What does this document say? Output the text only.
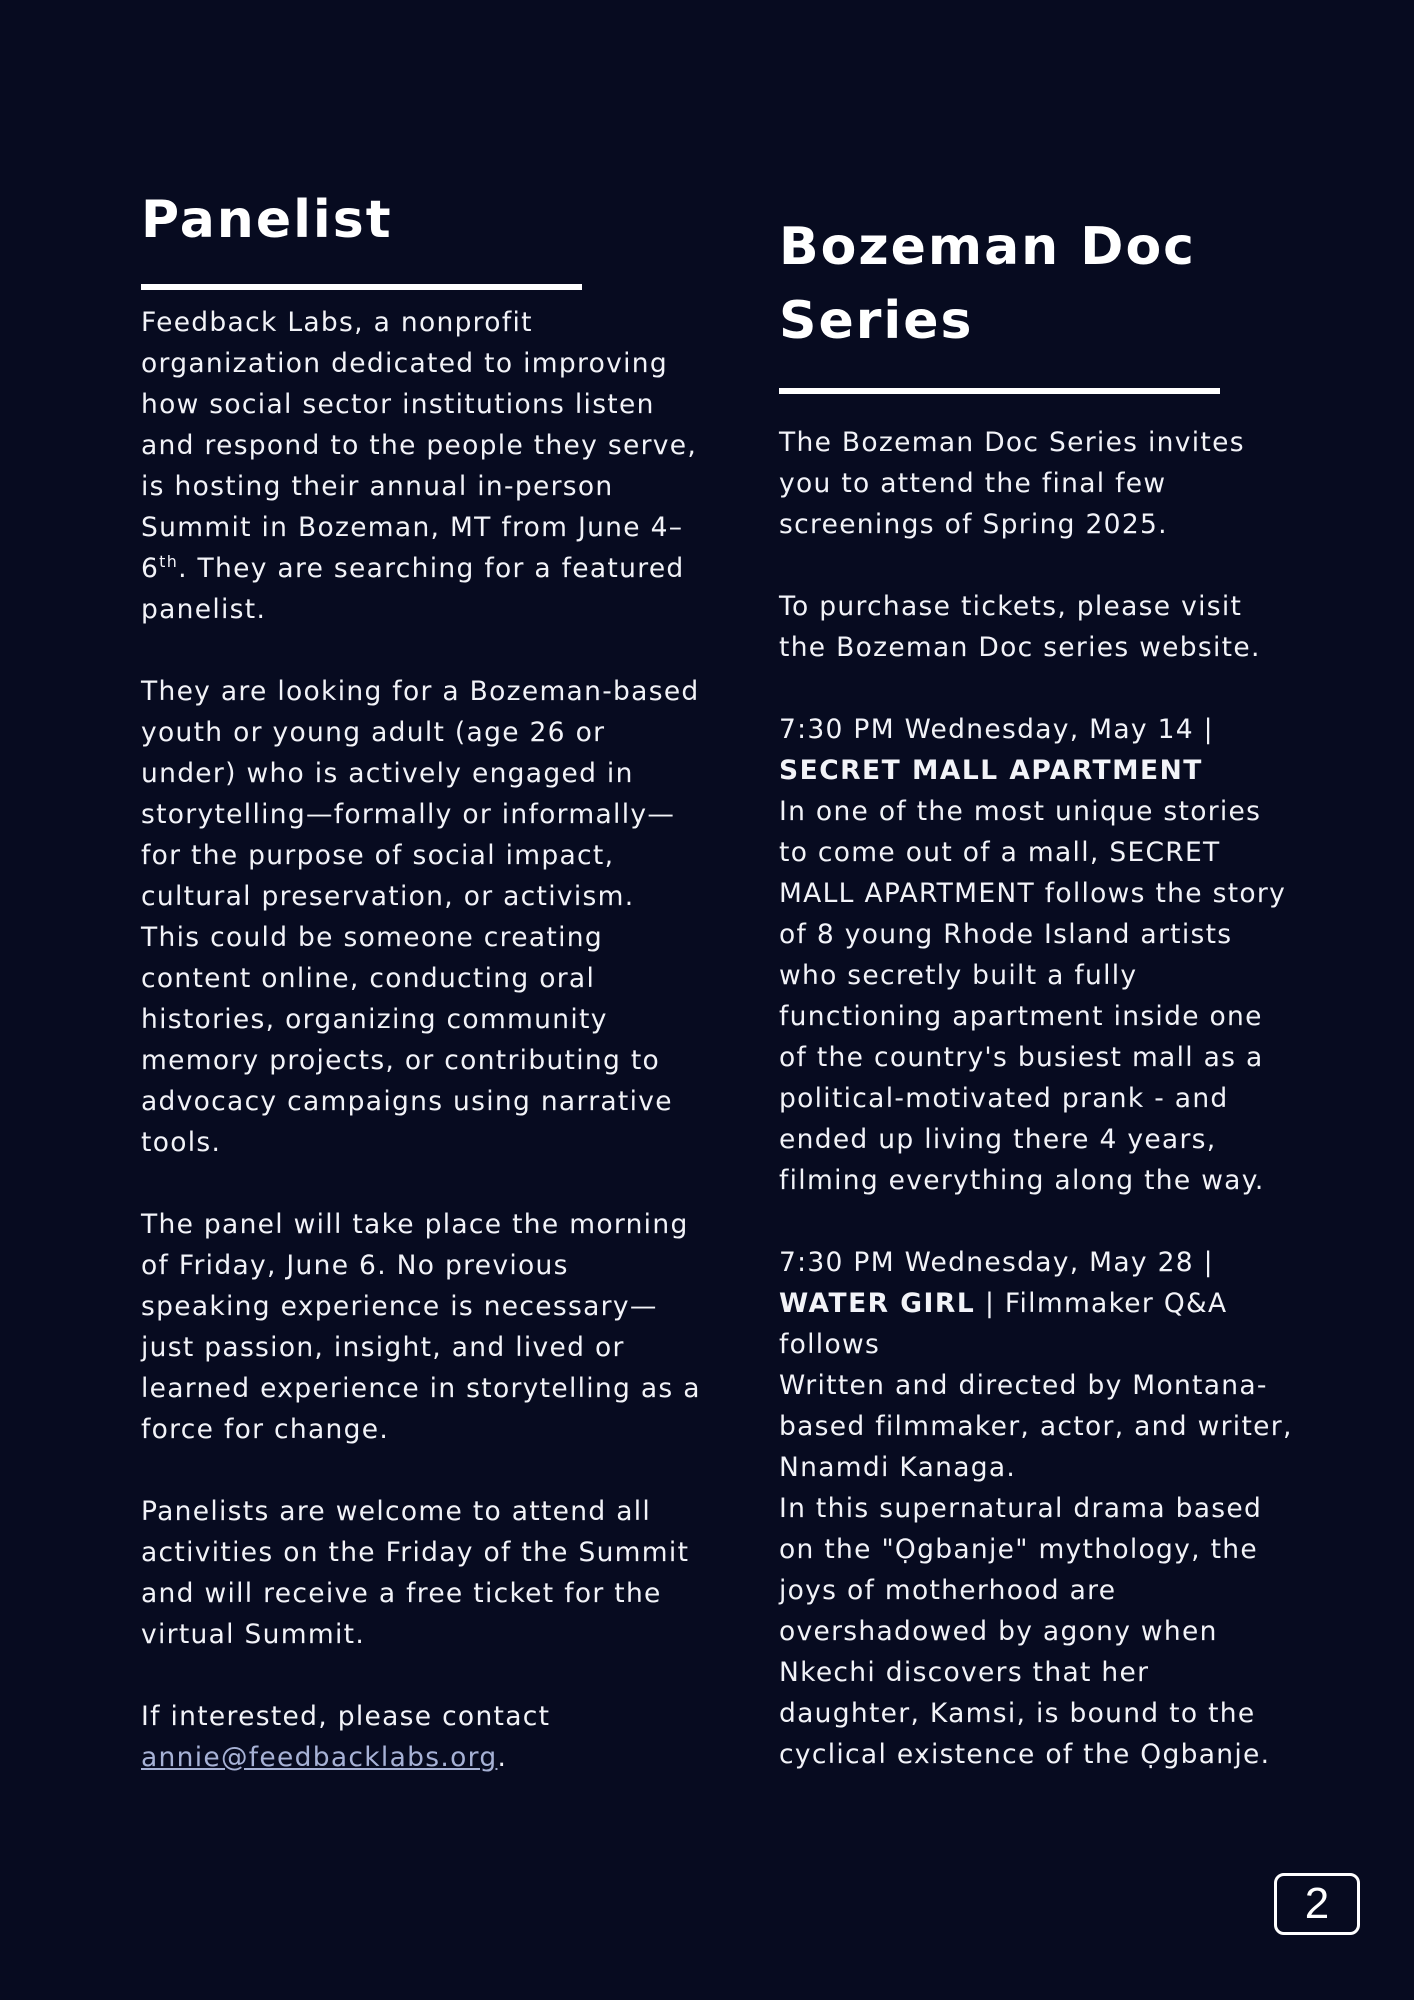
Panelist

Feedback Labs, a nonprofit organization dedicated to improving how social sector institutions listen and respond to the people they serve, is hosting their annual in-person Summit in Bozeman, MT from June 4–6th. They are searching for a featured panelist.

They are looking for a Bozeman-based youth or young adult (age 26 or under) who is actively engaged in storytelling—formally or informally—for the purpose of social impact, cultural preservation, or activism. This could be someone creating content online, conducting oral histories, organizing community memory projects, or contributing to advocacy campaigns using narrative tools.

The panel will take place the morning of Friday, June 6. No previous speaking experience is necessary—just passion, insight, and lived or learned experience in storytelling as a force for change.

Panelists are welcome to attend all activities on the Friday of the Summit and will receive a free ticket for the virtual Summit.

If interested, please contact
annie@feedbacklabs.org.

Bozeman Doc Series

The Bozeman Doc Series invites you to attend the final few screenings of Spring 2025.

To purchase tickets, please visit the Bozeman Doc series website.

7:30 PM Wednesday, May 14 |

SECRET MALL APARTMENT

In one of the most unique stories to come out of a mall, SECRET MALL APARTMENT follows the story of 8 young Rhode Island artists who secretly built a fully functioning apartment inside one of the country's busiest mall as a political-motivated prank - and ended up living there 4 years, filming everything along the way.

7:30 PM Wednesday, May 28 |

WATER GIRL | Filmmaker Q&A follows

Written and directed by Montana-based filmmaker, actor, and writer, Nnamdi Kanaga.

In this supernatural drama based on the "Ọgbanje" mythology, the joys of motherhood are overshadowed by agony when Nkechi discovers that her daughter, Kamsi, is bound to the cyclical existence of the Ọgbanje.

2
